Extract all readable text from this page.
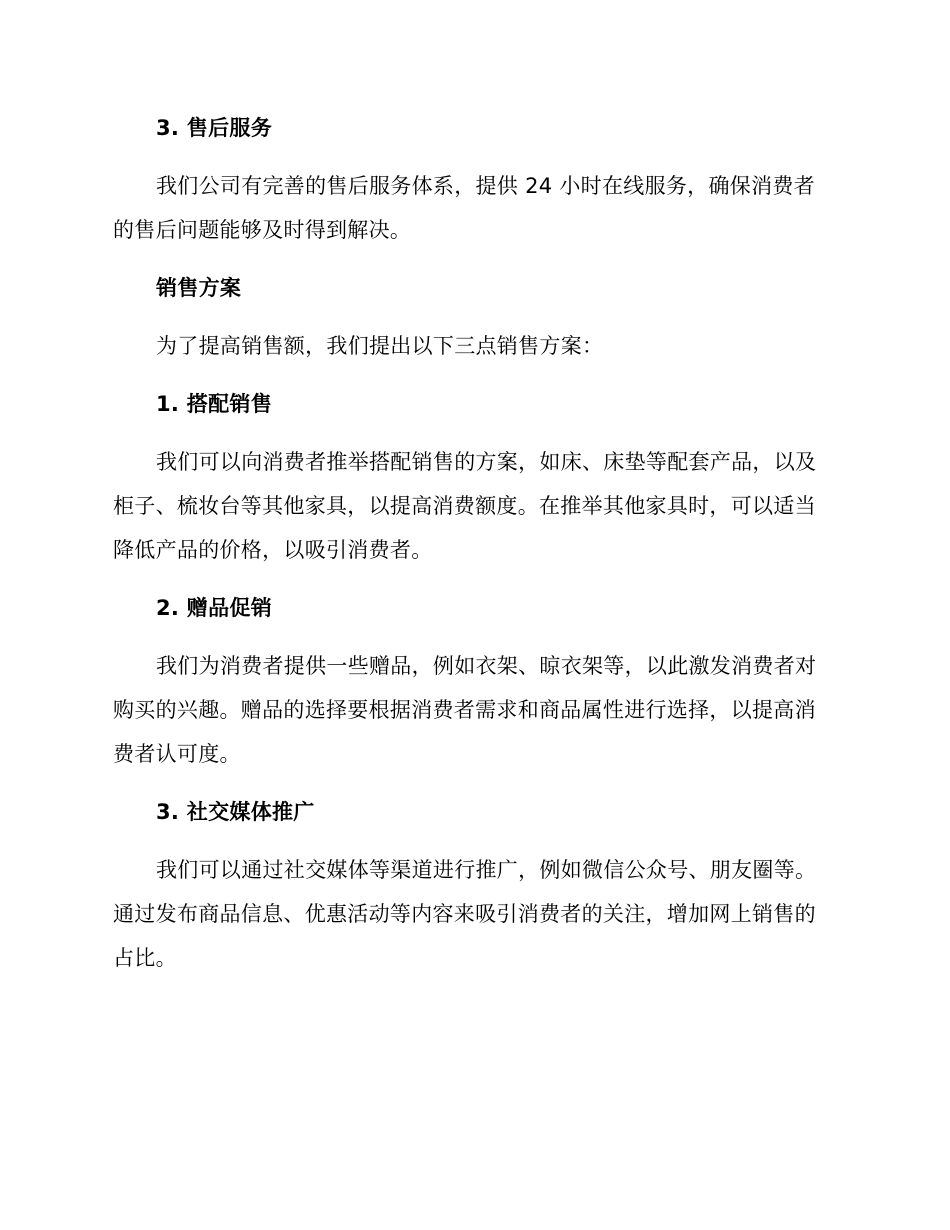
3. 售后服务
我们公司有完善的售后服务体系，提供 24 小时在线服务，确保消费者
的售后问题能够及时得到解决。
销售方案
为了提高销售额，我们提出以下三点销售方案：
1. 搭配销售
我们可以向消费者推举搭配销售的方案，如床、床垫等配套产品，以及
柜子、梳妆台等其他家具，以提高消费额度。在推举其他家具时，可以适当
降低产品的价格，以吸引消费者。
2. 赠品促销
我们为消费者提供一些赠品，例如衣架、晾衣架等，以此激发消费者对
购买的兴趣。赠品的选择要根据消费者需求和商品属性进行选择，以提高消
费者认可度。
3. 社交媒体推广
我们可以通过社交媒体等渠道进行推广，例如微信公众号、朋友圈等。
通过发布商品信息、优惠活动等内容来吸引消费者的关注，增加网上销售的
占比。
